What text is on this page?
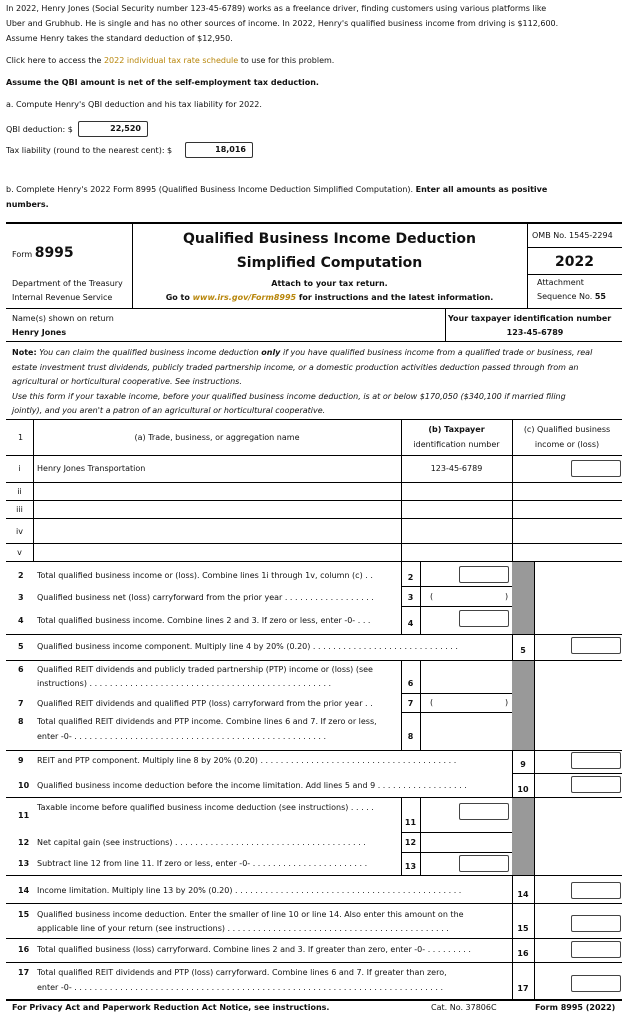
In 2022, Henry Jones (Social Security number 123-45-6789) works as a freelance driver, finding customers using various platforms like
Uber and Grubhub. He is single and has no other sources of income. In 2022, Henry's qualified business income from driving is $112,600.
Assume Henry takes the standard deduction of $12,950.
Click here to access the 2022 individual tax rate schedule to use for this problem.
Assume the QBI amount is net of the self-employment tax deduction.
a. Compute Henry's QBI deduction and his tax liability for 2022.
QBI deduction: $	22,520
Tax liability (round to the nearest cent): $	18,016
b. Complete Henry's 2022 Form 8995 (Qualified Business Income Deduction Simplified Computation). Enter all amounts as positive
numbers.
Form 8995
Department of the Treasury
Internal Revenue Service
Qualified Business Income Deduction
Simplified Computation
Attach to your tax return.
Go to www.irs.gov/Form8995 for instructions and the latest information.
OMB No. 1545-2294
2022
Attachment
Sequence No. 55
Name(s) shown on return
Henry Jones
Your taxpayer identification number
123-45-6789
Note: You can claim the qualified business income deduction only if you have qualified business income from a qualified trade or business, real
estate investment trust dividends, publicly traded partnership income, or a domestic production activities deduction passed through from an
agricultural or horticultural cooperative. See instructions.
Use this form if your taxable income, before your qualified business income deduction, is at or below $170,050 ($340,100 if married filing
jointly), and you aren't a patron of an agricultural or horticultural cooperative.
1	(a) Trade, business, or aggregation name
(b) Taxpayer
identification number
(c) Qualified business
income or (loss)
i	Henry Jones Transportation	123-45-6789
ii
iii
iv
v
2 Total qualified business income or (loss). Combine lines 1i through 1v, column (c) . .	2
3 Qualified business net (loss) carryforward from the prior year . . . . . . . . . . . . . . . . . .	3	(	)
4 Total qualified business income. Combine lines 2 and 3. If zero or less, enter -0- . . .	4
5 Qualified business income component. Multiply line 4 by 20% (0.20) . . . . . . . . . . . . . . . . . . . . . . . . . . . . .	5
6 Qualified REIT dividends and publicly traded partnership (PTP) income or (loss) (see
instructions) . . . . . . . . . . . . . . . . . . . . . . . . . . . . . . . . . . . . . . . . . . . . . . . .	6
7 Qualified REIT dividends and qualified PTP (loss) carryforward from the prior year . .	7	(	)
8 Total qualified REIT dividends and PTP income. Combine lines 6 and 7. If zero or less,
enter -0- . . . . . . . . . . . . . . . . . . . . . . . . . . . . . . . . . . . . . . . . . . . . . . . . . .	8
9 REIT and PTP component. Multiply line 8 by 20% (0.20) . . . . . . . . . . . . . . . . . . . . . . . . . . . . . . . . . . . . . . .	9
10 Qualified business income deduction before the income limitation. Add lines 5 and 9 . . . . . . . . . . . . . . . . . .	10
11
Taxable income before qualified business income deduction (see instructions) . . . . .
11
12 Net capital gain (see instructions) . . . . . . . . . . . . . . . . . . . . . . . . . . . . . . . . . . . . . .	12
13 Subtract line 12 from line 11. If zero or less, enter -0- . . . . . . . . . . . . . . . . . . . . . . .	13
14 Income limitation. Multiply line 13 by 20% (0.20) . . . . . . . . . . . . . . . . . . . . . . . . . . . . . . . . . . . . . . . . . . . . .	14
15 Qualified business income deduction. Enter the smaller of line 10 or line 14. Also enter this amount on the
applicable line of your return (see instructions) . . . . . . . . . . . . . . . . . . . . . . . . . . . . . . . . . . . . . . . . . . . .	15
16 Total qualified business (loss) carryforward. Combine lines 2 and 3. If greater than zero, enter -0- . . . . . . . . .	16
17 Total qualified REIT dividends and PTP (loss) carryforward. Combine lines 6 and 7. If greater than zero,
enter -0- . . . . . . . . . . . . . . . . . . . . . . . . . . . . . . . . . . . . . . . . . . . . . . . . . . . . . . . . . . . . . . . . . . . . . . . . .	17
For Privacy Act and Paperwork Reduction Act Notice, see instructions.	Cat. No. 37806C	Form 8995 (2022)
